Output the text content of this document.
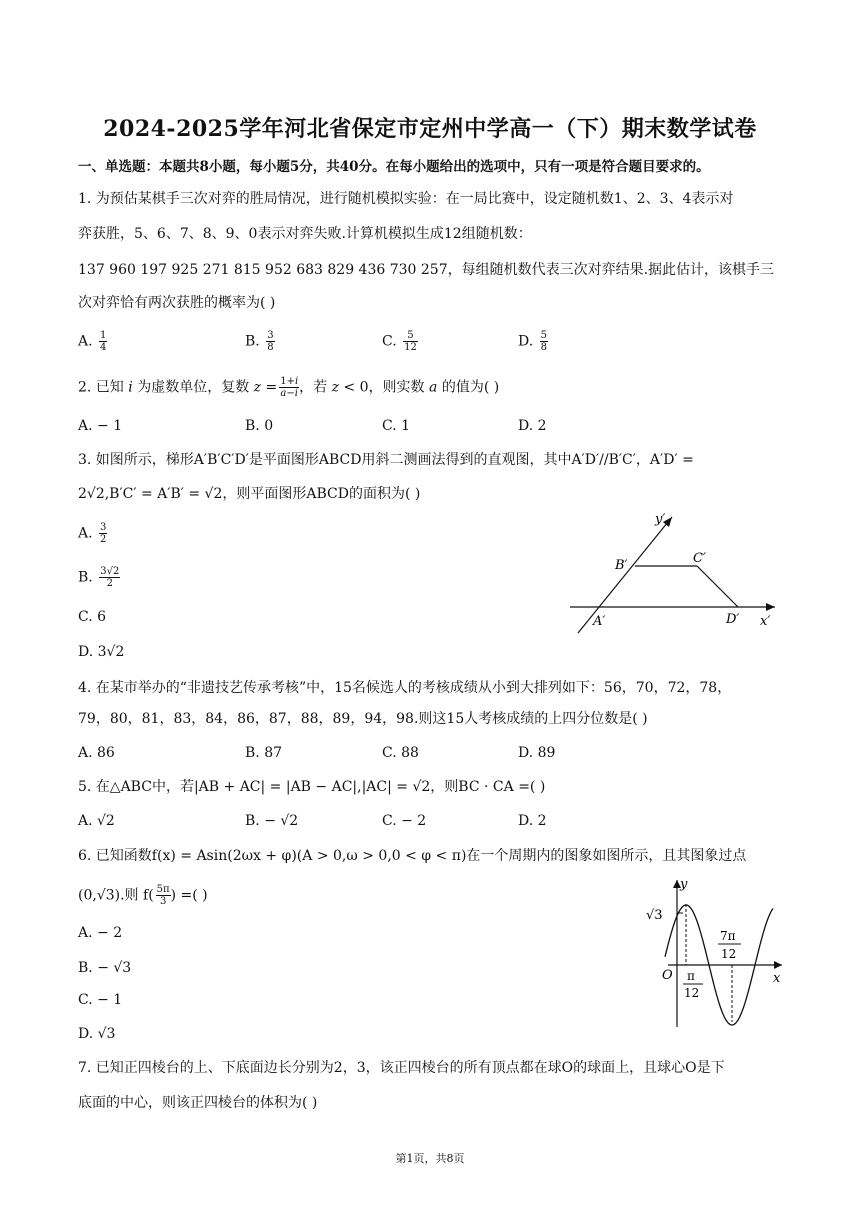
2024-2025学年河北省保定市定州中学高一（下）期末数学试卷
一、单选题：本题共8小题，每小题5分，共40分。在每小题给出的选项中，只有一项是符合题目要求的。
1. 为预估某棋手三次对弈的胜局情况，进行随机模拟实验：在一局比赛中，设定随机数1、2、3、4表示对
弈获胜，5、6、7、8、9、0表示对弈失败.计算机模拟生成12组随机数：
137 960 197 925 271 815 952 683 829 436 730 257，每组随机数代表三次对弈结果.据此估计，该棋手三
次对弈恰有两次获胜的概率为( )
A. $\frac{1}{4}$	B. $\frac{3}{8}$	C. $\frac{5}{12}$	D. $\frac{5}{8}$
2. 已知 i 为虚数单位，复数 $z = \frac{1+i}{a-i}$ ，若 z < 0，则实数 a 的值为( )
A. − 1	B. 0	C. 1	D. 2
3. 如图所示，梯形A′B′C′D′是平面图形ABCD用斜二测画法得到的直观图，其中A′D′//B′C′，A′D′ =
2√2,B′C′ = A′B′ = √2，则平面图形ABCD的面积为( )
A. $\frac{3}{2}$
B. $\frac{3√2}{2}$
C. 6
D. 3√2
y′
B′	C′
A′	D′ x′
4. 在某市举办的“非遗技艺传承考核”中，15名候选人的考核成绩从小到大排列如下：56，70，72，78，
79，80，81，83，84，86，87，88，89，94，98.则这15人考核成绩的上四分位数是( )
A. 86	B. 87	C. 88	D. 89
5. 在△ABC中，若|AB + AC| = |AB − AC|,|AC| = √2，则BC · CA =( )
A. √2	B. − √2	C. − 2	D. 2
6. 已知函数f(x) = Asin(2ωx + φ)(A > 0,ω > 0,0 < φ < π)在一个周期内的图象如图所示，且其图象过点
(0,√3).则 $f( \frac{5\pi}{3}$ ) =( )
A. − 2
B. − √3
C. − 1
D. √3
y
x
O
√3
π
12
7π
12
7. 已知正四棱台的上、下底面边长分别为2，3，该正四棱台的所有顶点都在球O的球面上，且球心O是下
底面的中心，则该正四棱台的体积为( )
第1页，共8页
